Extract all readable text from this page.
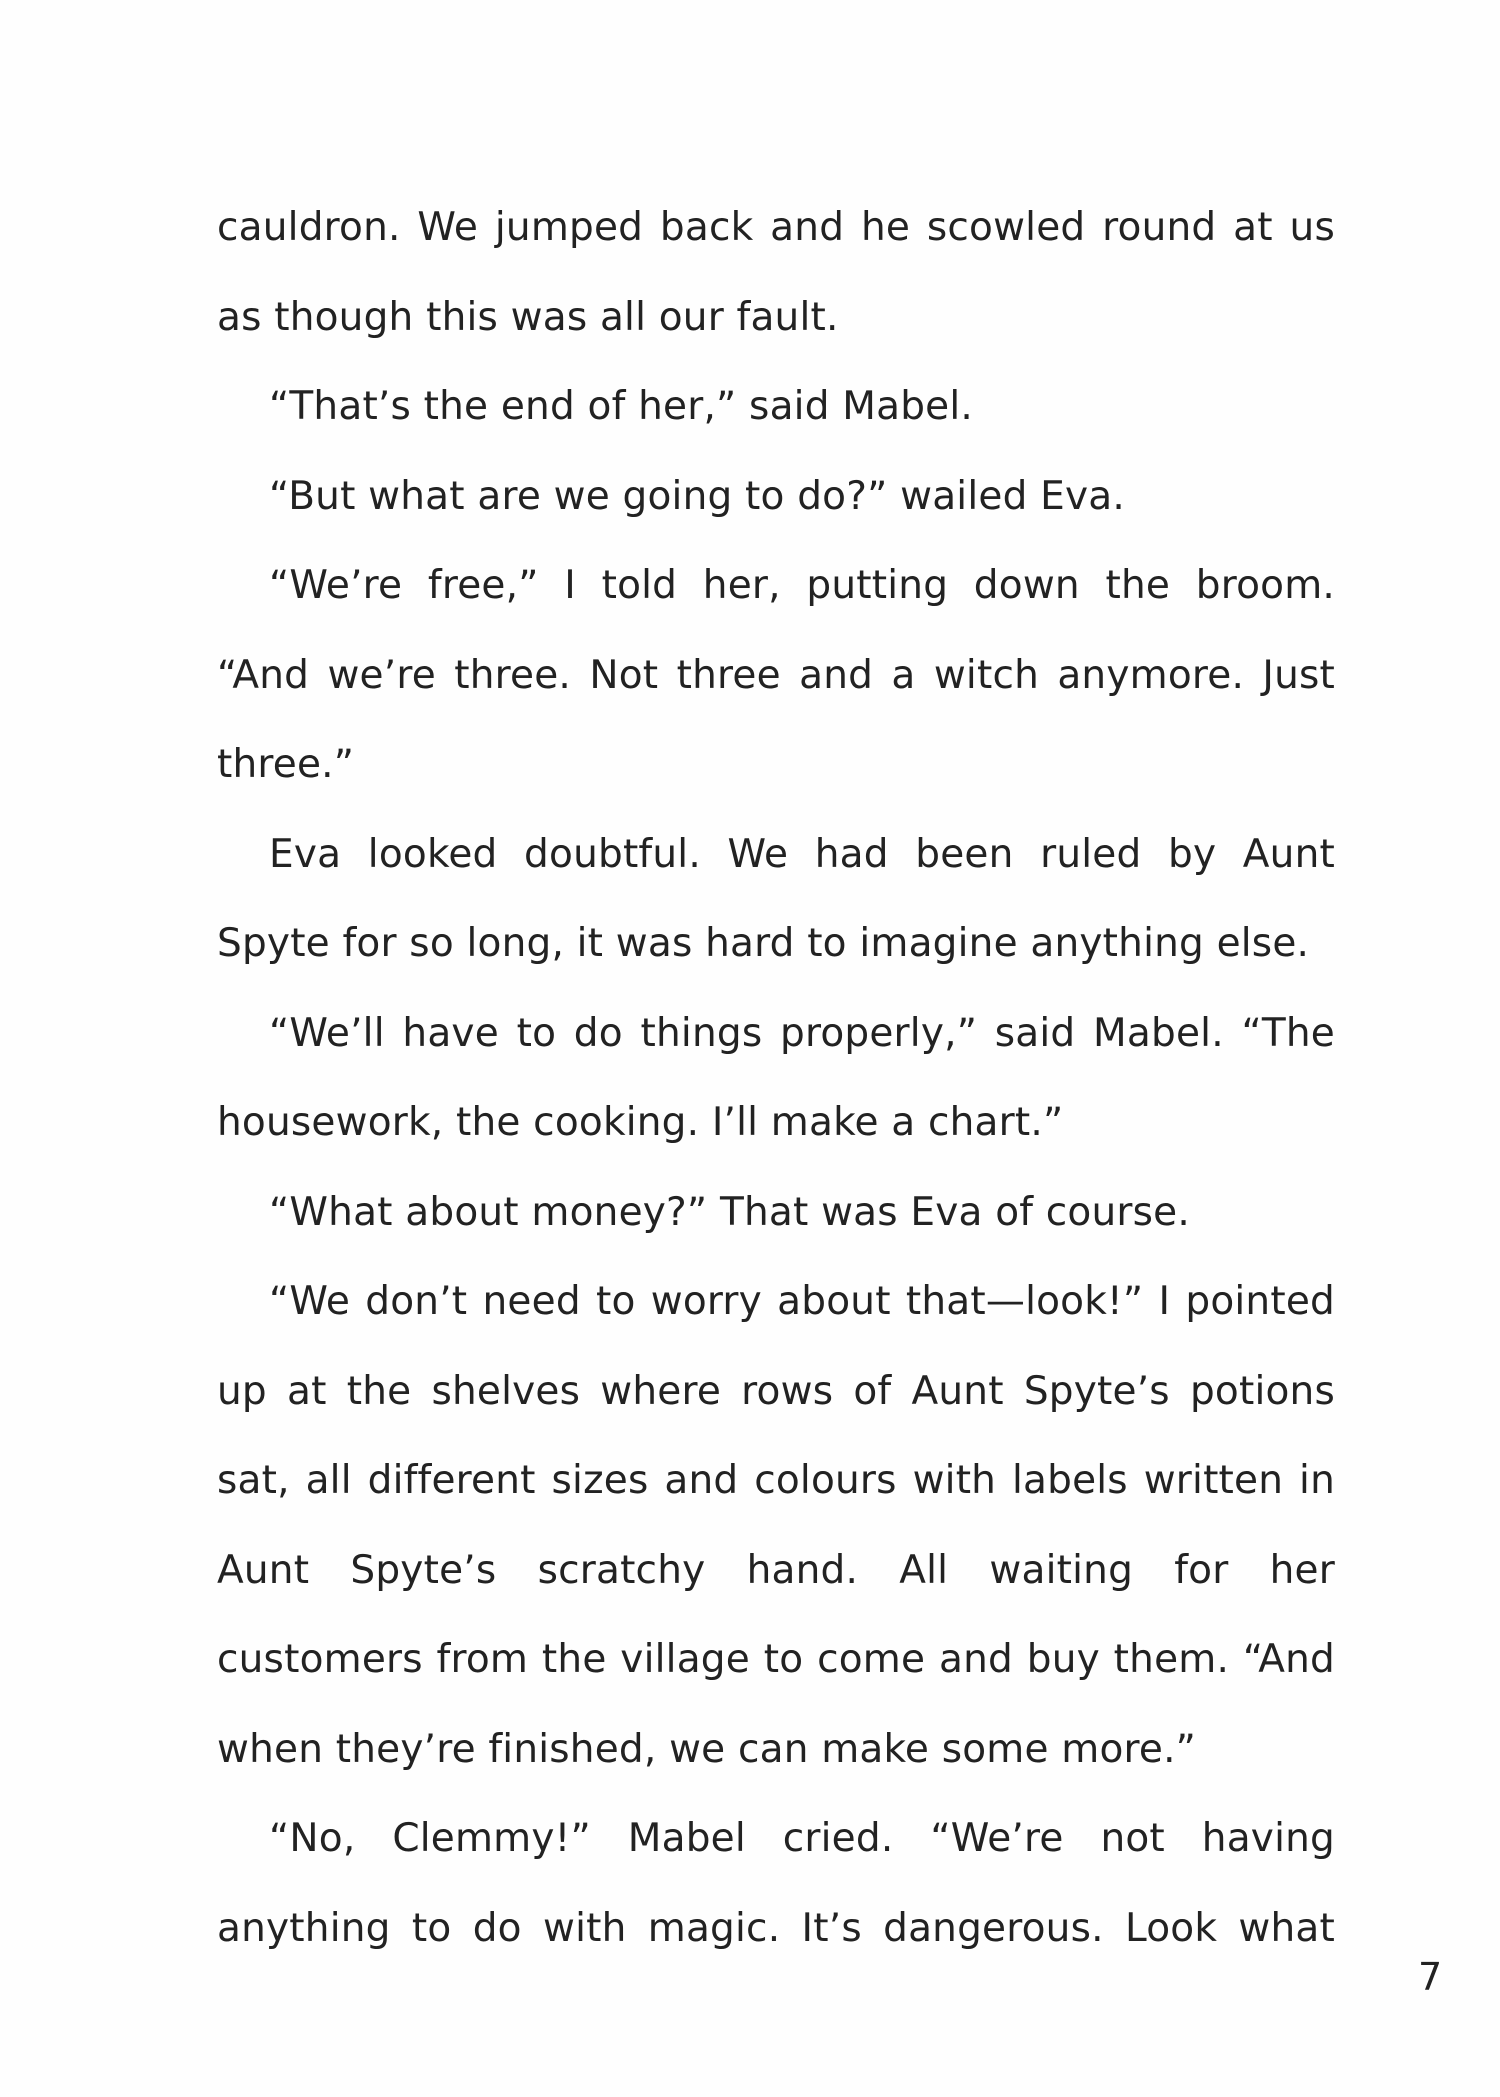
cauldron. We jumped back and he scowled round at us as though this was all our fault.

“That’s the end of her,” said Mabel.

“But what are we going to do?” wailed Eva.

“We’re free,” I told her, putting down the broom. “And we’re three. Not three and a witch anymore. Just three.”

Eva looked doubtful. We had been ruled by Aunt Spyte for so long, it was hard to imagine anything else.

“We’ll have to do things properly,” said Mabel. “The housework, the cooking. I’ll make a chart.”

“What about money?” That was Eva of course.

“We don’t need to worry about that—look!” I pointed up at the shelves where rows of Aunt Spyte’s potions sat, all different sizes and colours with labels written in Aunt Spyte’s scratchy hand. All waiting for her customers from the village to come and buy them. “And when they’re finished, we can make some more.”

“No, Clemmy!” Mabel cried. “We’re not having anything to do with magic. It’s dangerous. Look what

7
